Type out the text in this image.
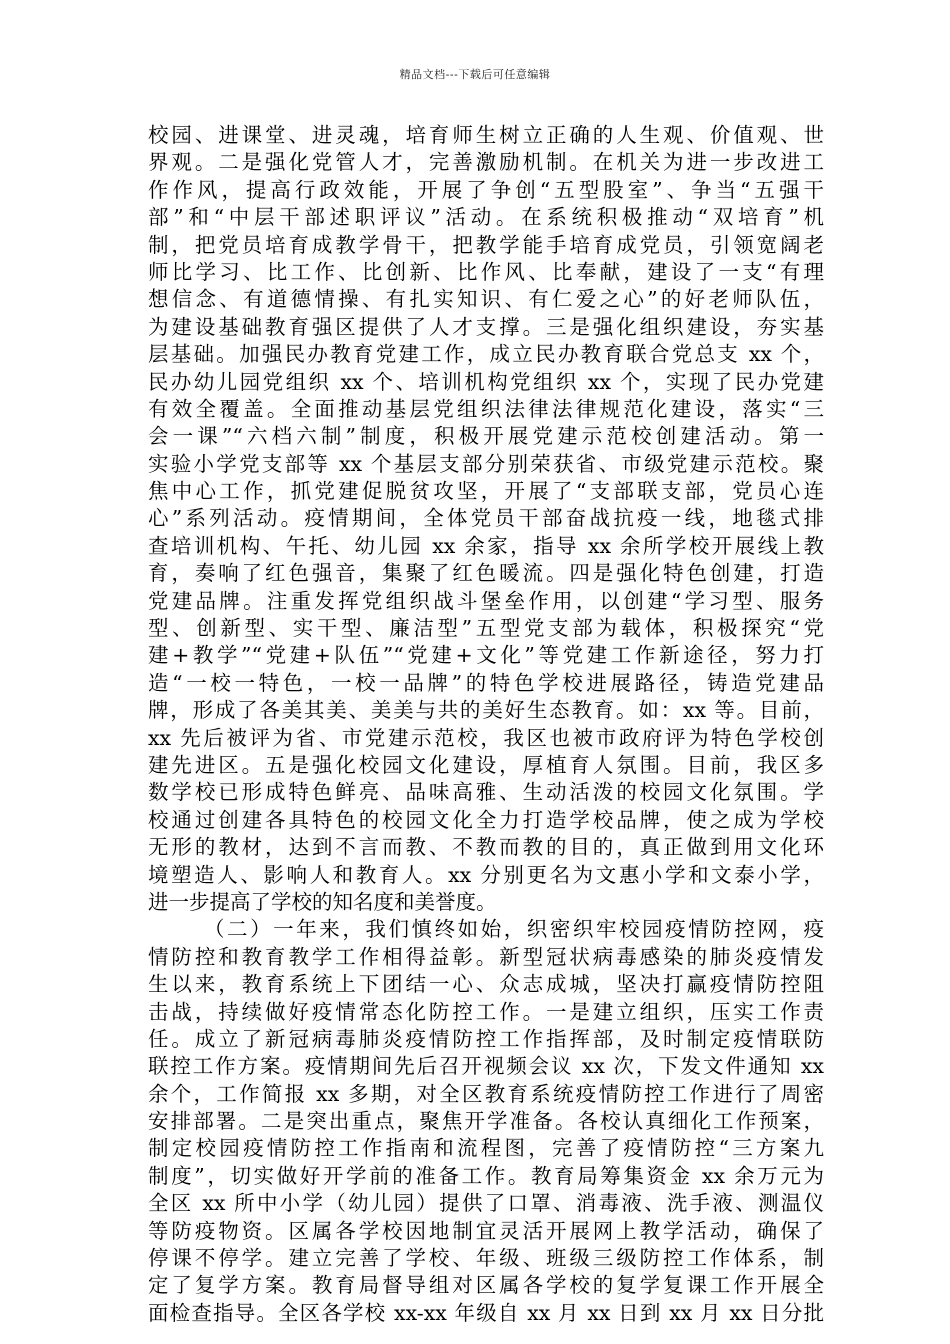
精品文档---下载后可任意编辑
校园、进课堂、进灵魂，培育师生树立正确的人生观、价值观、世
界观。二是强化党管人才，完善激励机制。在机关为进一步改进工
作作风，提高行政效能，开展了争创“五型股室”、争当“五强干
部”和“中层干部述职评议”活动。在系统积极推动“双培育”机
制，把党员培育成教学骨干，把教学能手培育成党员，引领宽阔老
师比学习、比工作、比创新、比作风、比奉献，建设了一支“有理
想信念、有道德情操、有扎实知识、有仁爱之心”的好老师队伍，
为建设基础教育强区提供了人才支撑。三是强化组织建设，夯实基
层基础。加强民办教育党建工作，成立民办教育联合党总支 xx 个，
民办幼儿园党组织 xx 个、培训机构党组织 xx 个，实现了民办党建
有效全覆盖。全面推动基层党组织法律法律规范化建设，落实“三
会一课”“六档六制”制度，积极开展党建示范校创建活动。第一
实验小学党支部等 xx 个基层支部分别荣获省、市级党建示范校。聚
焦中心工作，抓党建促脱贫攻坚，开展了“支部联支部，党员心连
心”系列活动。疫情期间，全体党员干部奋战抗疫一线，地毯式排
查培训机构、午托、幼儿园 xx 余家，指导 xx 余所学校开展线上教
育，奏响了红色强音，集聚了红色暖流。四是强化特色创建，打造
党建品牌。注重发挥党组织战斗堡垒作用，以创建“学习型、服务
型、创新型、实干型、廉洁型”五型党支部为载体，积极探究“党
建+教学”“党建+队伍”“党建+文化”等党建工作新途径，努力打
造“一校一特色，一校一品牌”的特色学校进展路径，铸造党建品
牌，形成了各美其美、美美与共的美好生态教育。如：xx 等。目前，
xx 先后被评为省、市党建示范校，我区也被市政府评为特色学校创
建先进区。五是强化校园文化建设，厚植育人氛围。目前，我区多
数学校已形成特色鲜亮、品味高雅、生动活泼的校园文化氛围。学
校通过创建各具特色的校园文化全力打造学校品牌，使之成为学校
无形的教材，达到不言而教、不教而教的目的，真正做到用文化环
境塑造人、影响人和教育人。xx 分别更名为文惠小学和文泰小学，
进一步提高了学校的知名度和美誉度。
（二）一年来，我们慎终如始，织密织牢校园疫情防控网，疫
情防控和教育教学工作相得益彰。新型冠状病毒感染的肺炎疫情发
生以来，教育系统上下团结一心、众志成城，坚决打赢疫情防控阻
击战，持续做好疫情常态化防控工作。一是建立组织，压实工作责
任。成立了新冠病毒肺炎疫情防控工作指挥部，及时制定疫情联防
联控工作方案。疫情期间先后召开视频会议 xx 次，下发文件通知 xx
余个，工作简报 xx 多期，对全区教育系统疫情防控工作进行了周密
安排部署。二是突出重点，聚焦开学准备。各校认真细化工作预案，
制定校园疫情防控工作指南和流程图，完善了疫情防控“三方案九
制度”，切实做好开学前的准备工作。教育局筹集资金 xx 余万元为
全区 xx 所中小学（幼儿园）提供了口罩、消毒液、洗手液、测温仪
等防疫物资。区属各学校因地制宜灵活开展网上教学活动，确保了
停课不停学。建立完善了学校、年级、班级三级防控工作体系，制
定了复学方案。教育局督导组对区属各学校的复学复课工作开展全
面检查指导。全区各学校 xx-xx 年级自 xx 月 xx 日到 xx 月 xx 日分批
